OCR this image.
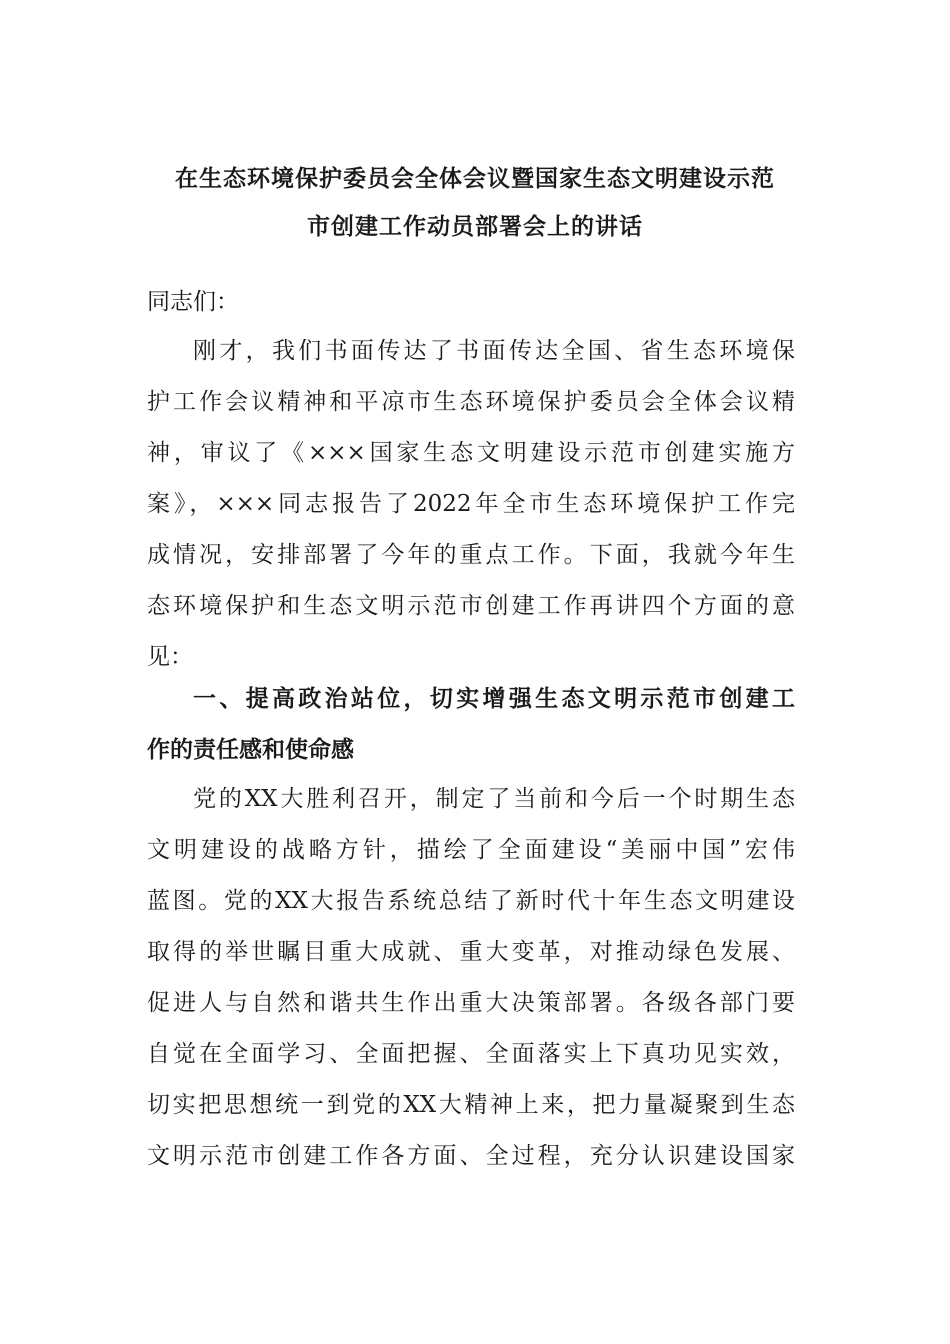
在生态环境保护委员会全体会议暨国家生态文明建设示范
市创建工作动员部署会上的讲话
同志们：
刚才，我们书面传达了书面传达全国、省生态环境保
护工作会议精神和平凉市生态环境保护委员会全体会议精
神，审议了《×××国家生态文明建设示范市创建实施方
案》，×××同志报告了2022年全市生态环境保护工作完
成情况，安排部署了今年的重点工作。下面，我就今年生
态环境保护和生态文明示范市创建工作再讲四个方面的意
见：
一、提高政治站位，切实增强生态文明示范市创建工
作的责任感和使命感
党的XX大胜利召开，制定了当前和今后一个时期生态
文明建设的战略方针，描绘了全面建设“美丽中国”宏伟
蓝图。党的XX大报告系统总结了新时代十年生态文明建设
取得的举世瞩目重大成就、重大变革，对推动绿色发展、
促进人与自然和谐共生作出重大决策部署。各级各部门要
自觉在全面学习、全面把握、全面落实上下真功见实效，
切实把思想统一到党的XX大精神上来，把力量凝聚到生态
文明示范市创建工作各方面、全过程，充分认识建设国家
